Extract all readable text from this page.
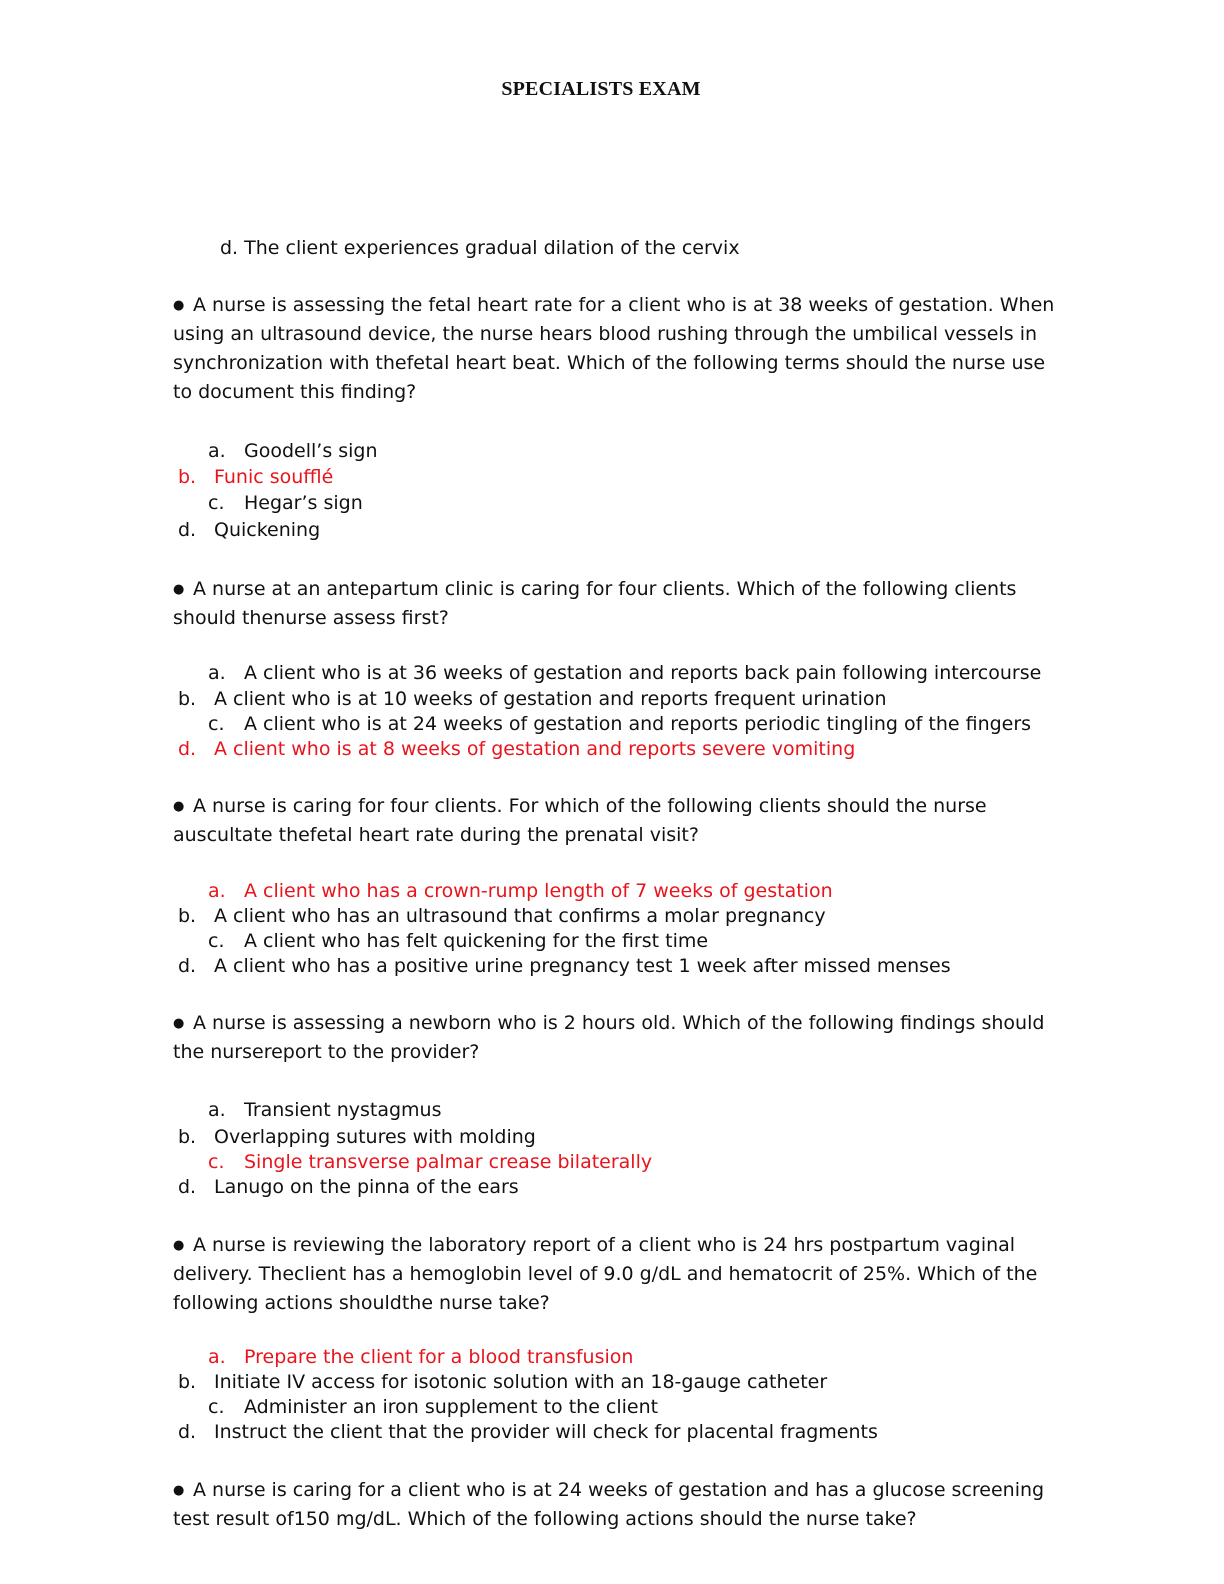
SPECIALISTS EXAM
d. The client experiences gradual dilation of the cervix
● A nurse is assessing the fetal heart rate for a client who is at 38 weeks of gestation. When using an ultrasound device, the nurse hears blood rushing through the umbilical vessels in synchronization with thefetal heart beat. Which of the following terms should the nurse use to document this finding?
a. Goodell’s sign
b. Funic soufflé
c. Hegar’s sign
d. Quickening
● A nurse at an antepartum clinic is caring for four clients. Which of the following clients should thenurse assess first?
a. A client who is at 36 weeks of gestation and reports back pain following intercourse
b. A client who is at 10 weeks of gestation and reports frequent urination
c. A client who is at 24 weeks of gestation and reports periodic tingling of the fingers
d. A client who is at 8 weeks of gestation and reports severe vomiting
● A nurse is caring for four clients. For which of the following clients should the nurse auscultate thefetal heart rate during the prenatal visit?
a. A client who has a crown-rump length of 7 weeks of gestation
b. A client who has an ultrasound that confirms a molar pregnancy
c. A client who has felt quickening for the first time
d. A client who has a positive urine pregnancy test 1 week after missed menses
● A nurse is assessing a newborn who is 2 hours old. Which of the following findings should the nursereport to the provider?
a. Transient nystagmus
b. Overlapping sutures with molding
c. Single transverse palmar crease bilaterally
d. Lanugo on the pinna of the ears
● A nurse is reviewing the laboratory report of a client who is 24 hrs postpartum vaginal delivery. Theclient has a hemoglobin level of 9.0 g/dL and hematocrit of 25%. Which of the following actions shouldthe nurse take?
a. Prepare the client for a blood transfusion
b. Initiate IV access for isotonic solution with an 18-gauge catheter
c. Administer an iron supplement to the client
d. Instruct the client that the provider will check for placental fragments
● A nurse is caring for a client who is at 24 weeks of gestation and has a glucose screening test result of150 mg/dL. Which of the following actions should the nurse take?
